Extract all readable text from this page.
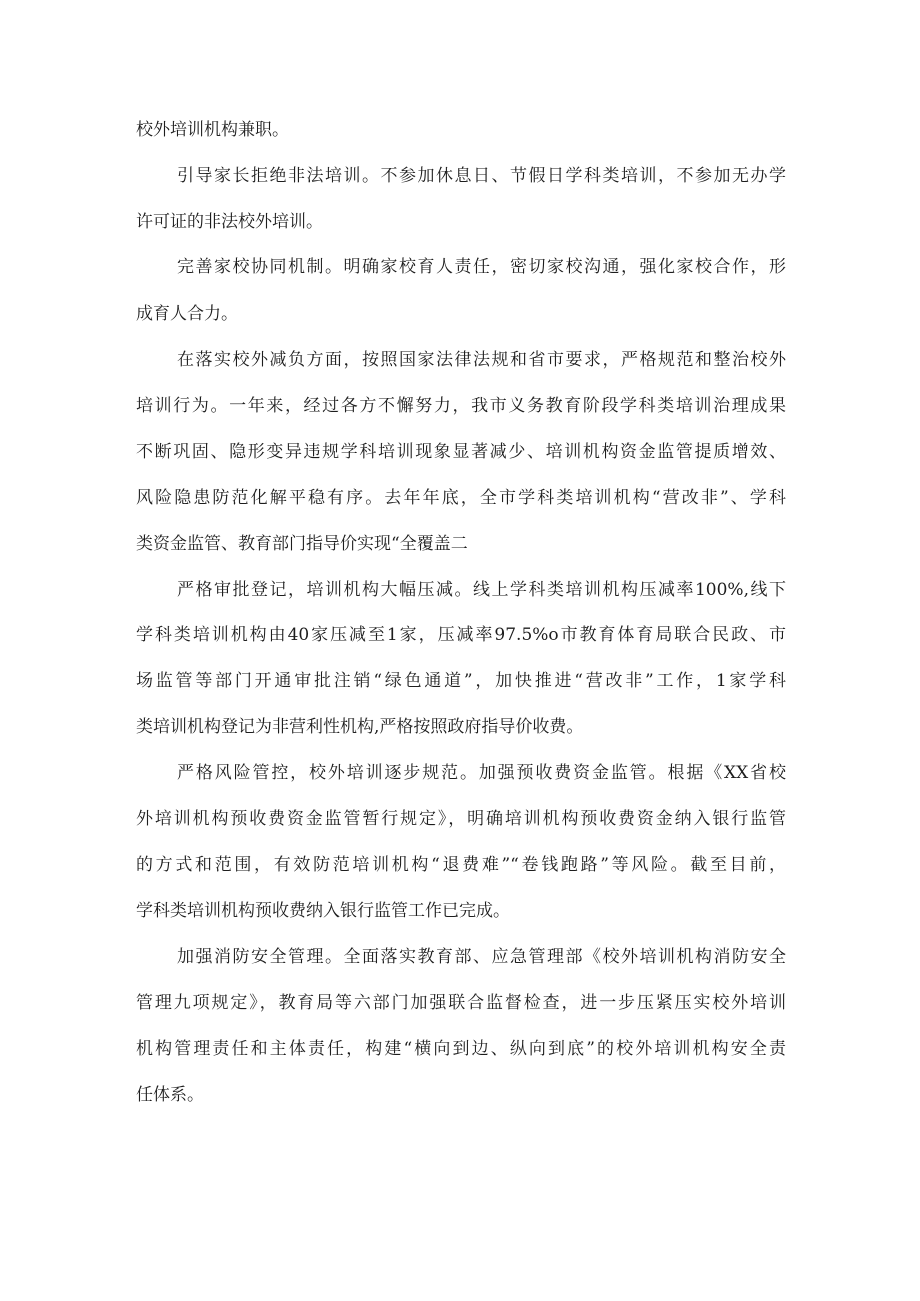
校外培训机构兼职。
引导家长拒绝非法培训。不参加休息日、节假日学科类培训，不参加无办学
许可证的非法校外培训。
完善家校协同机制。明确家校育人责任，密切家校沟通，强化家校合作，形
成育人合力。
在落实校外减负方面，按照国家法律法规和省市要求，严格规范和整治校外
培训行为。一年来，经过各方不懈努力，我市义务教育阶段学科类培训治理成果
不断巩固、隐形变异违规学科培训现象显著减少、培训机构资金监管提质增效、
风险隐患防范化解平稳有序。去年年底，全市学科类培训机构“营改非”、学科
类资金监管、教育部门指导价实现“全覆盖二
严格审批登记，培训机构大幅压减。线上学科类培训机构压减率100%,线下
学科类培训机构由40家压减至1家，压减率97.5%o市教育体育局联合民政、市
场监管等部门开通审批注销“绿色通道”，加快推进“营改非”工作，1家学科
类培训机构登记为非营利性机构,严格按照政府指导价收费。
严格风险管控，校外培训逐步规范。加强预收费资金监管。根据《XX省校
外培训机构预收费资金监管暂行规定》，明确培训机构预收费资金纳入银行监管
的方式和范围，有效防范培训机构“退费难”“卷钱跑路”等风险。截至目前，
学科类培训机构预收费纳入银行监管工作已完成。
加强消防安全管理。全面落实教育部、应急管理部《校外培训机构消防安全
管理九项规定》，教育局等六部门加强联合监督检查，进一步压紧压实校外培训
机构管理责任和主体责任，构建“横向到边、纵向到底”的校外培训机构安全责
任体系。
